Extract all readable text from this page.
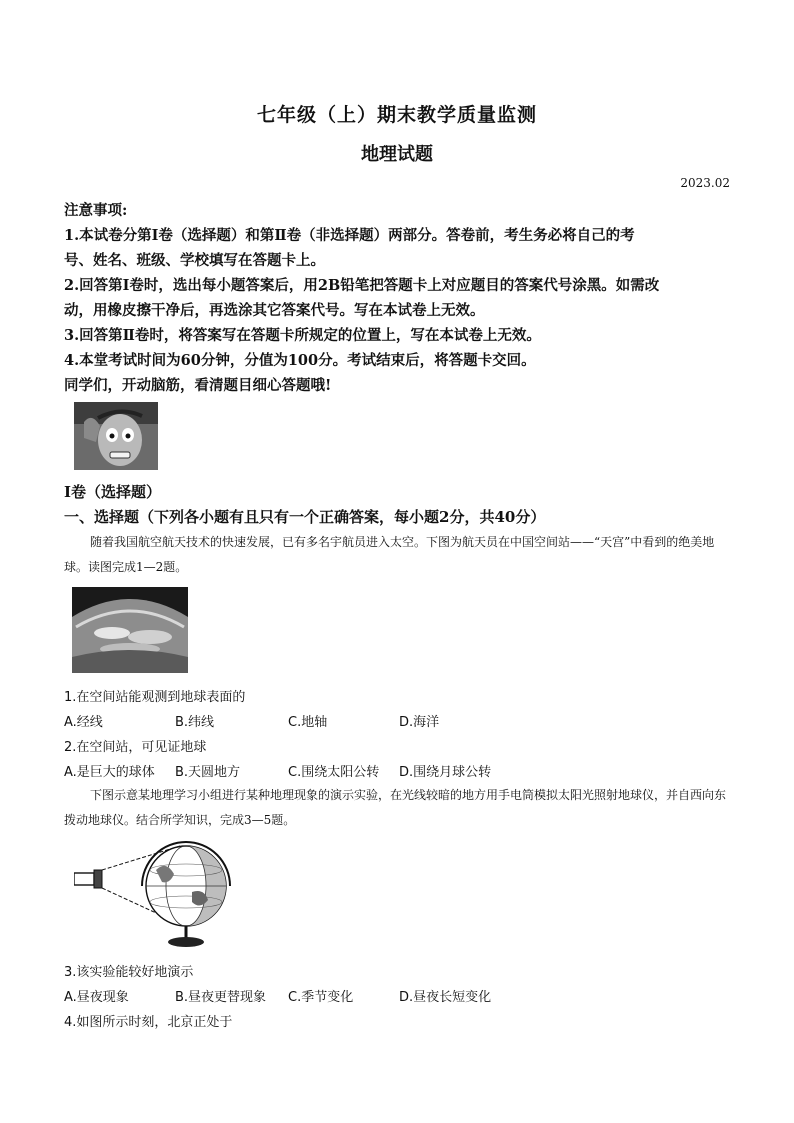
七年级（上）期末教学质量监测
地理试题
2023.02
注意事项:
1.本试卷分第Ⅰ卷（选择题）和第Ⅱ卷（非选择题）两部分。答卷前，考生务必将自己的考
号、姓名、班级、学校填写在答题卡上。
2.回答第Ⅰ卷时，选出每小题答案后，用2B铅笔把答题卡上对应题目的答案代号涂黑。如需改
动，用橡皮擦干净后，再选涂其它答案代号。写在本试卷上无效。
3.回答第Ⅱ卷时，将答案写在答题卡所规定的位置上，写在本试卷上无效。
4.本堂考试时间为60分钟，分值为100分。考试结束后，将答题卡交回。
同学们，开动脑筋，看清题目细心答题哦!
Ⅰ卷（选择题）
一、选择题（下列各小题有且只有一个正确答案，每小题2分，共40分）
随着我国航空航天技术的快速发展，已有多名宇航员进入太空。下图为航天员在中国空间站——“天宫”中看到的绝美地球。读图完成1—2题。
1.在空间站能观测到地球表面的
A.经线	B.纬线	C.地轴	D.海洋
2.在空间站，可见证地球
A.是巨大的球体	B.天圆地方	C.围绕太阳公转	D.围绕月球公转
下图示意某地理学习小组进行某种地理现象的演示实验，在光线较暗的地方用手电筒模拟太阳光照射地球仪，并自西向东拨动地球仪。结合所学知识，完成3—5题。
3.该实验能较好地演示
A.昼夜现象	B.昼夜更替现象	C.季节变化	D.昼夜长短变化
4.如图所示时刻，北京正处于
